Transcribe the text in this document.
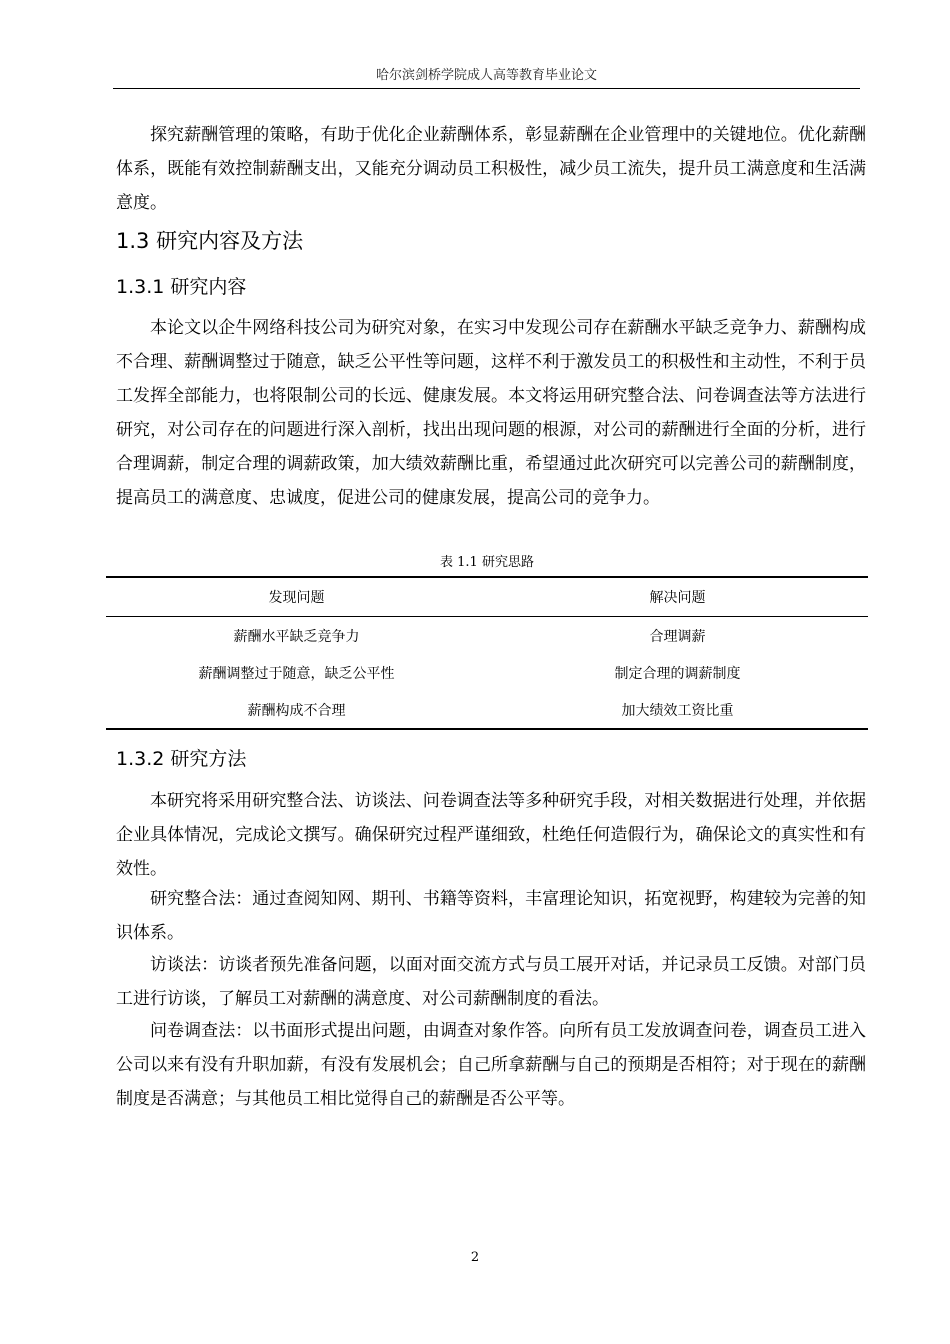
哈尔滨剑桥学院成人高等教育毕业论文

探究薪酬管理的策略，有助于优化企业薪酬体系，彰显薪酬在企业管理中的关键地位。优化薪酬体系，既能有效控制薪酬支出，又能充分调动员工积极性，减少员工流失，提升员工满意度和生活满意度。

1.3 研究内容及方法
1.3.1 研究内容

本论文以企牛网络科技公司为研究对象，在实习中发现公司存在薪酬水平缺乏竞争力、薪酬构成不合理、薪酬调整过于随意，缺乏公平性等问题，这样不利于激发员工的积极性和主动性，不利于员工发挥全部能力，也将限制公司的长远、健康发展。本文将运用研究整合法、问卷调查法等方法进行研究，对公司存在的问题进行深入剖析，找出出现问题的根源，对公司的薪酬进行全面的分析，进行合理调薪，制定合理的调薪政策，加大绩效薪酬比重，希望通过此次研究可以完善公司的薪酬制度，提高员工的满意度、忠诚度，促进公司的健康发展，提高公司的竞争力。

表 1.1 研究思路
发现问题	解决问题
薪酬水平缺乏竞争力	合理调薪
薪酬调整过于随意，缺乏公平性	制定合理的调薪制度
薪酬构成不合理	加大绩效工资比重
1.3.2 研究方法

本研究将采用研究整合法、访谈法、问卷调查法等多种研究手段，对相关数据进行处理，并依据企业具体情况，完成论文撰写。确保研究过程严谨细致，杜绝任何造假行为，确保论文的真实性和有效性。

研究整合法：通过查阅知网、期刊、书籍等资料，丰富理论知识，拓宽视野，构建较为完善的知识体系。

访谈法：访谈者预先准备问题，以面对面交流方式与员工展开对话，并记录员工反馈。对部门员工进行访谈，了解员工对薪酬的满意度、对公司薪酬制度的看法。

问卷调查法：以书面形式提出问题，由调查对象作答。向所有员工发放调查问卷，调查员工进入公司以来有没有升职加薪，有没有发展机会；自己所拿薪酬与自己的预期是否相符；对于现在的薪酬制度是否满意；与其他员工相比觉得自己的薪酬是否公平等。

2
